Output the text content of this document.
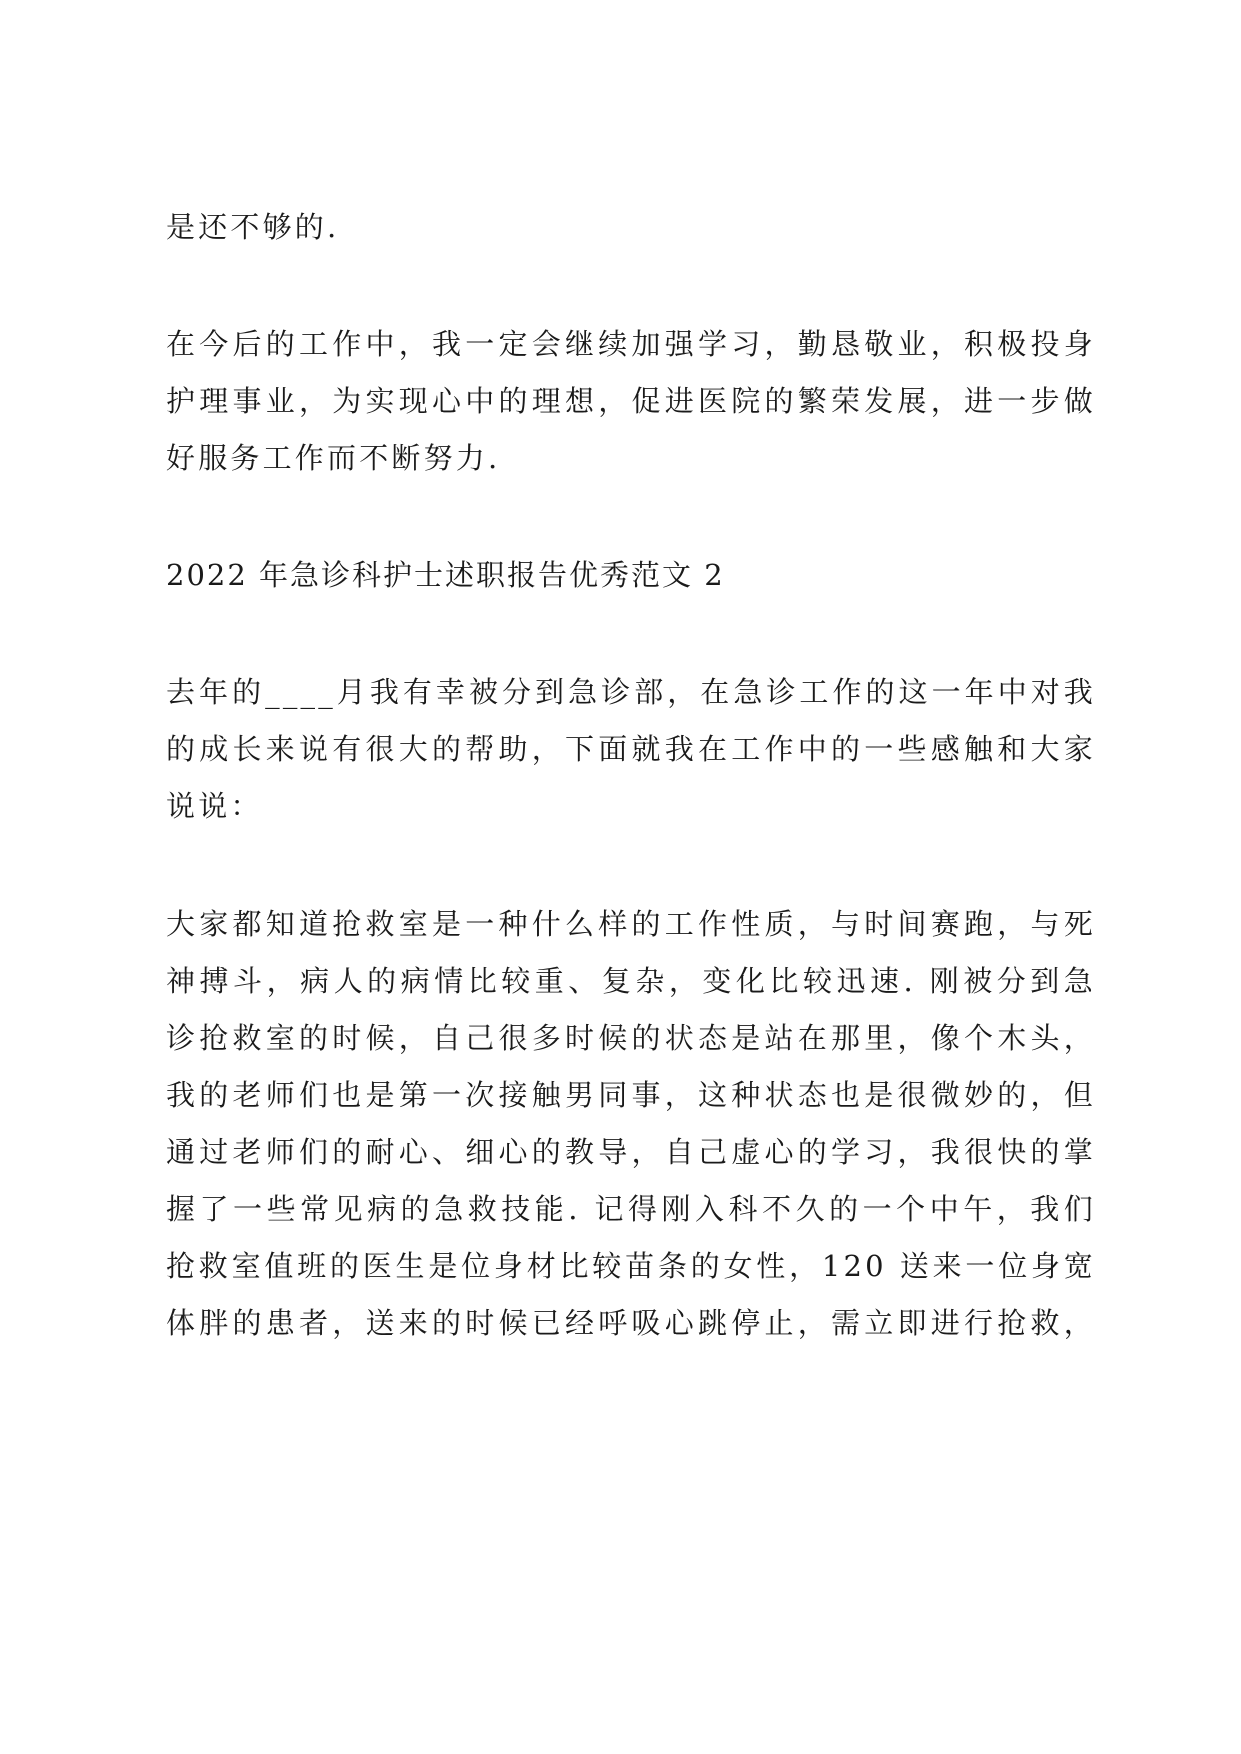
是还不够的.
在今后的工作中，我一定会继续加强学习，勤恳敬业，积极投身
护理事业，为实现心中的理想，促进医院的繁荣发展，进一步做
好服务工作而不断努力.
2022 年急诊科护士述职报告优秀范文 2
去年的____月我有幸被分到急诊部，在急诊工作的这一年中对我
的成长来说有很大的帮助，下面就我在工作中的一些感触和大家
说说：
大家都知道抢救室是一种什么样的工作性质，与时间赛跑，与死
神搏斗，病人的病情比较重、复杂，变化比较迅速. 刚被分到急
诊抢救室的时候，自己很多时候的状态是站在那里，像个木头，
我的老师们也是第一次接触男同事，这种状态也是很微妙的，但
通过老师们的耐心、细心的教导，自己虚心的学习，我很快的掌
握了一些常见病的急救技能. 记得刚入科不久的一个中午，我们
抢救室值班的医生是位身材比较苗条的女性，120 送来一位身宽
体胖的患者，送来的时候已经呼吸心跳停止，需立即进行抢救，
